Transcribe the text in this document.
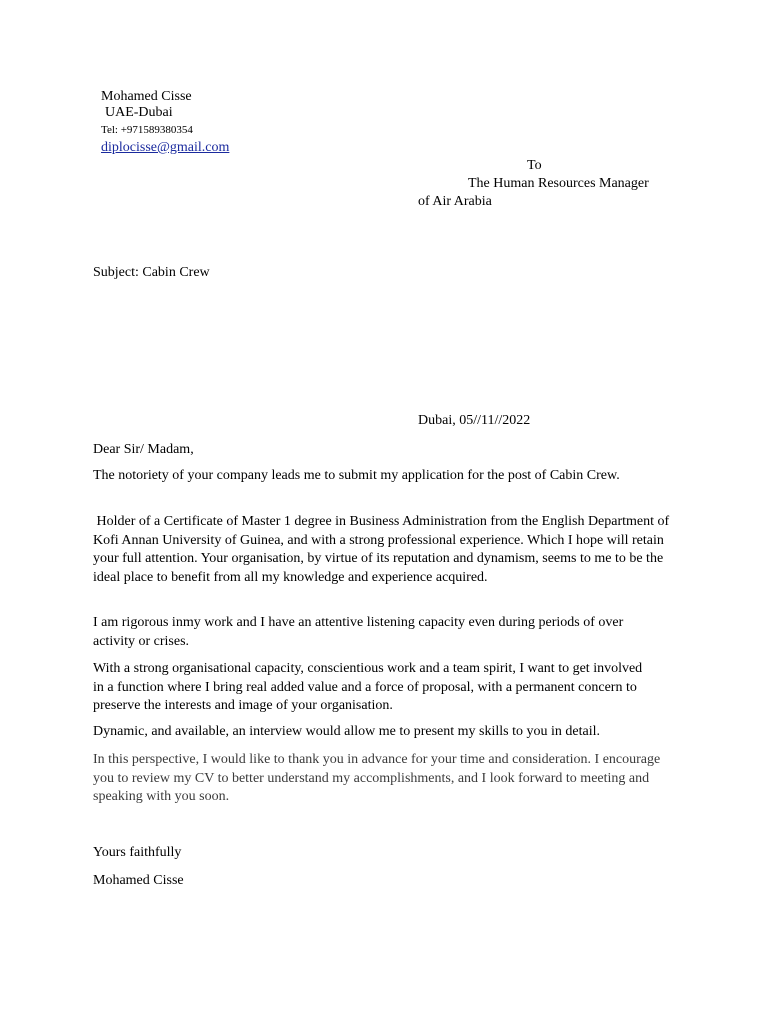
Mohamed Cisse
UAE-Dubai
Tel: +971589380354
diplocisse@gmail.com
To
The Human Resources Manager
of Air Arabia
Subject: Cabin Crew
Dubai, 05//11//2022
Dear Sir/ Madam,
The notoriety of your company leads me to submit my application for the post of Cabin Crew.
Holder of a Certificate of Master 1 degree in Business Administration from the English Department of Kofi Annan University of Guinea, and with a strong professional experience. Which I hope will retain your full attention. Your organisation, by virtue of its reputation and dynamism, seems to me to be the ideal place to benefit from all my knowledge and experience acquired.
I am rigorous inmy work and I have an attentive listening capacity even during periods of over activity or crises.
With a strong organisational capacity, conscientious work and a team spirit, I want to get involved in a function where I bring real added value and a force of proposal, with a permanent concern to preserve the interests and image of your organisation.
Dynamic, and available, an interview would allow me to present my skills to you in detail.
In this perspective, I would like to thank you in advance for your time and consideration. I encourage you to review my CV to better understand my accomplishments, and I look forward to meeting and speaking with you soon.
Yours faithfully
Mohamed Cisse
